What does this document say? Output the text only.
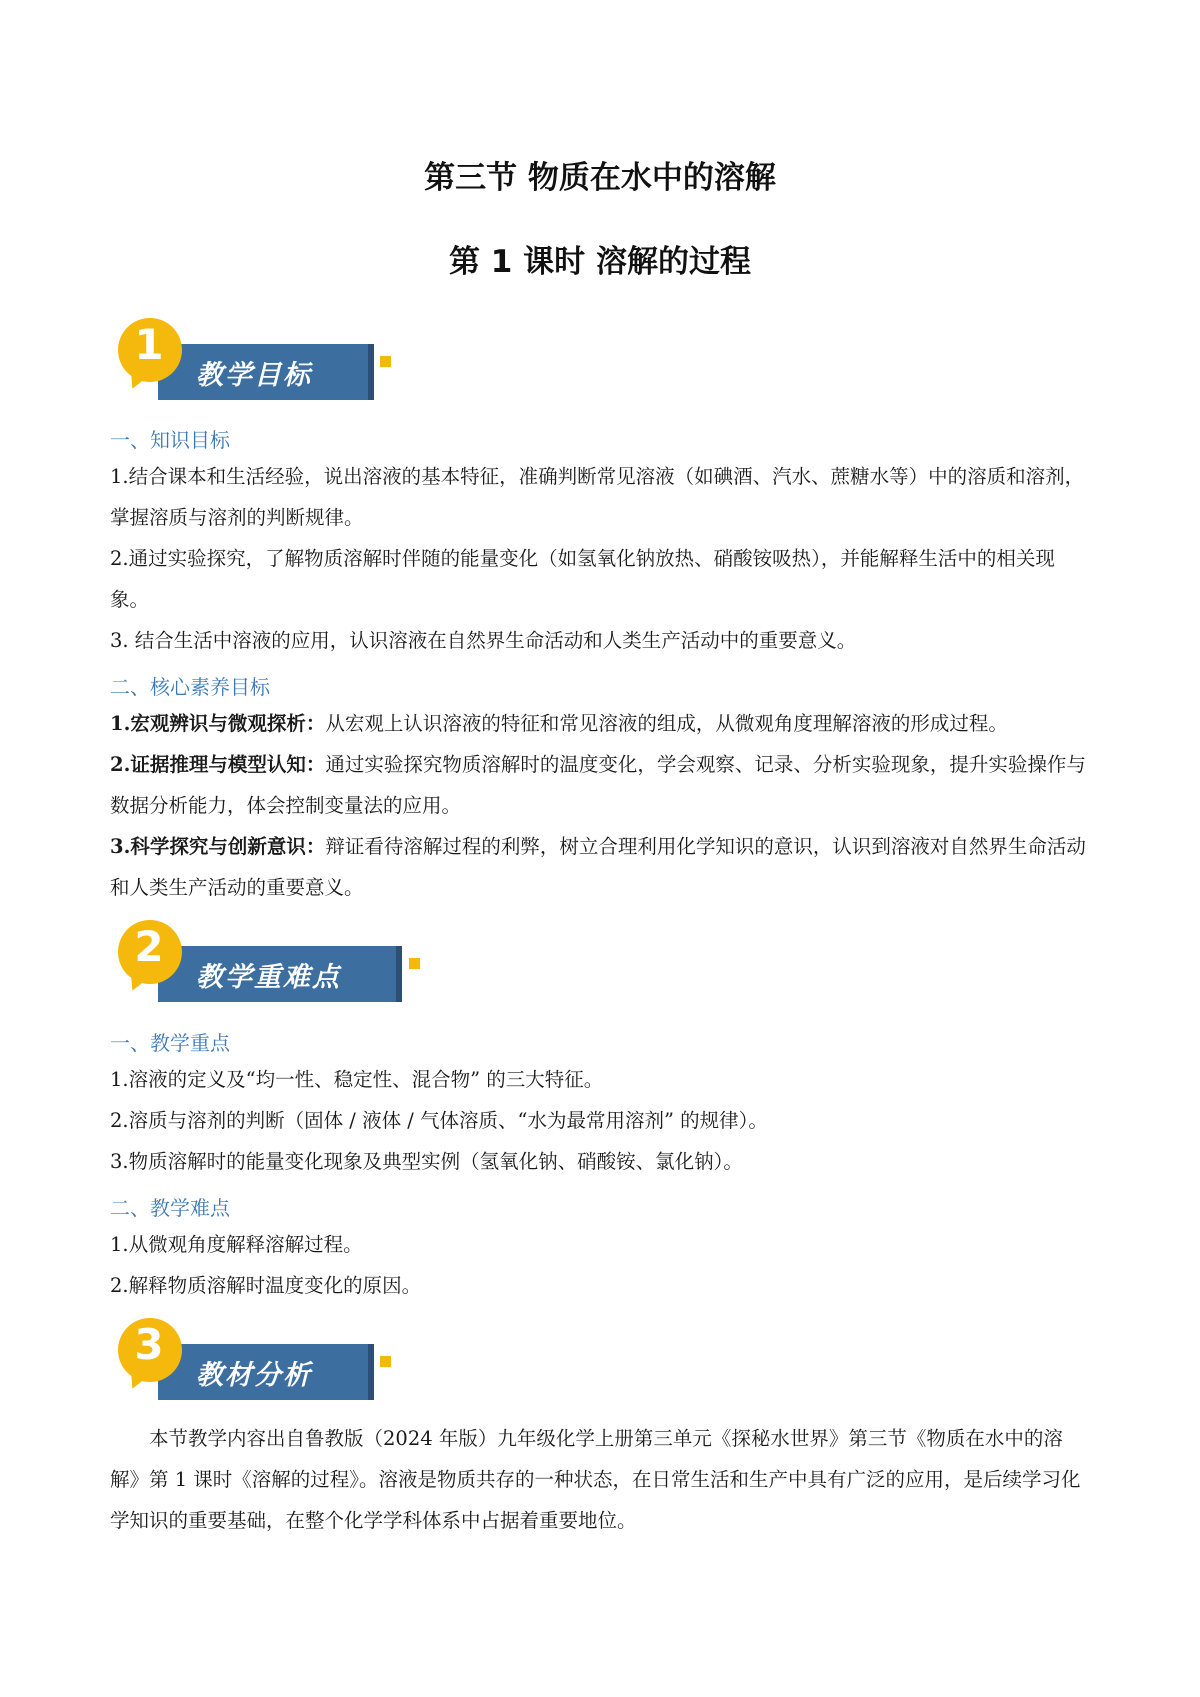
第三节 物质在水中的溶解
第 1 课时 溶解的过程
教学目标
1
一、知识目标
1.结合课本和生活经验，说出溶液的基本特征，准确判断常见溶液（如碘酒、汽水、蔗糖水等）中的溶质和溶剂，掌握溶质与溶剂的判断规律。
2.通过实验探究，了解物质溶解时伴随的能量变化（如氢氧化钠放热、硝酸铵吸热），并能解释生活中的相关现象。
3. 结合生活中溶液的应用，认识溶液在自然界生命活动和人类生产活动中的重要意义。
二、核心素养目标
1.宏观辨识与微观探析：从宏观上认识溶液的特征和常见溶液的组成，从微观角度理解溶液的形成过程。
2.证据推理与模型认知：通过实验探究物质溶解时的温度变化，学会观察、记录、分析实验现象，提升实验操作与数据分析能力，体会控制变量法的应用。
3.科学探究与创新意识：辩证看待溶解过程的利弊，树立合理利用化学知识的意识，认识到溶液对自然界生命活动和人类生产活动的重要意义。
教学重难点
2
一、教学重点
1.溶液的定义及“均一性、稳定性、混合物” 的三大特征。
2.溶质与溶剂的判断（固体 / 液体 / 气体溶质、“水为最常用溶剂” 的规律）。
3.物质溶解时的能量变化现象及典型实例（氢氧化钠、硝酸铵、氯化钠）。
二、教学难点
1.从微观角度解释溶解过程。
2.解释物质溶解时温度变化的原因。
教材分析
3
本节教学内容出自鲁教版（2024 年版）九年级化学上册第三单元《探秘水世界》第三节《物质在水中的溶解》第 1 课时《溶解的过程》。溶液是物质共存的一种状态，在日常生活和生产中具有广泛的应用，是后续学习化学知识的重要基础，在整个化学学科体系中占据着重要地位。
